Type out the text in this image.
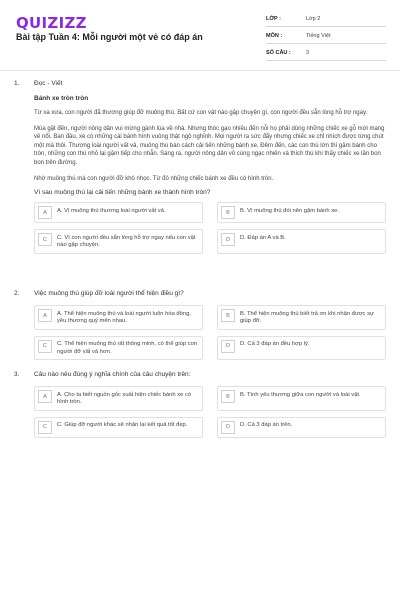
QUIZIZZ
Bài tập Tuần 4: Mỗi người một vẻ có đáp án
LỚP :	Lớp 2
MÔN :	Tiếng Việt
SỐ CÂU :	3
1. Đọc - Viết
Bánh xe tròn tròn

Từ xa xưa, con người đã thương giúp đỡ muông thú. Bất cứ con vật nào gặp chuyện gì, con người đều sẵn lòng hỗ trợ ngay.

Mùa gặt đến, người nông dân vui mừng gánh lúa về nhà. Nhưng thóc gạo nhiều đến nỗi họ phải dùng những chiếc xe gỗ mới mang về nổi. Ban đầu, xe có những cái bánh hình vuông thật ngộ nghĩnh. Mọi người ra sức đẩy nhưng chiếc xe chỉ nhích được từng chút một mà thôi. Thương loài người vất vả, muông thú bàn cách cải tiến những bánh xe. Đêm đến, các con thú lớn thì gặm bánh cho tròn, những con thú nhỏ lại gặm tiếp cho nhẵn. Sáng ra, người nông dân vô cùng ngạc nhiên và thích thú khi thấy chiếc xe lăn bon bon trên đường.

Nhờ muông thú mà con người đỡ khó nhọc. Từ đó những chiếc bánh xe đều có hình tròn.

Vì sao muông thú lại cải tiến những bánh xe thành hình tròn?
A	A. Vì muông thú thương loài người vất vả.	B	B. Vì muông thú đói nên gặm bánh xe.
C	C. Vì con người đều sẵn lòng hỗ trợ ngay nếu con vật nào gặp chuyện.
D	D. Đáp án A và B.
2. Việc muông thú giúp đỡ loài người thể hiện điều gì?
A	A. Thể hiện muông thú và loài người luôn hòa đồng, yêu thương quý mến nhau.
B	B. Thể hiện muông thú biết trả ơn khi nhận được sự giúp đỡ.
C	C. Thể hiện muông thú rất thông minh, có thể giúp con người đỡ vất vả hơn.
D	D. Cả 3 đáp án đều hợp lý.
3. Câu nào nêu đúng ý nghĩa chính của câu chuyện trên:
A	A. Cho ta biết nguồn gốc xuất hiện chiếc bánh xe có hình tròn.
B	B. Tình yêu thương giữa con người và loài vật.
C	C. Giúp đỡ người khác sẽ nhận lại kết quả tốt đẹp.	D	D. Cả 3 đáp án trên.
